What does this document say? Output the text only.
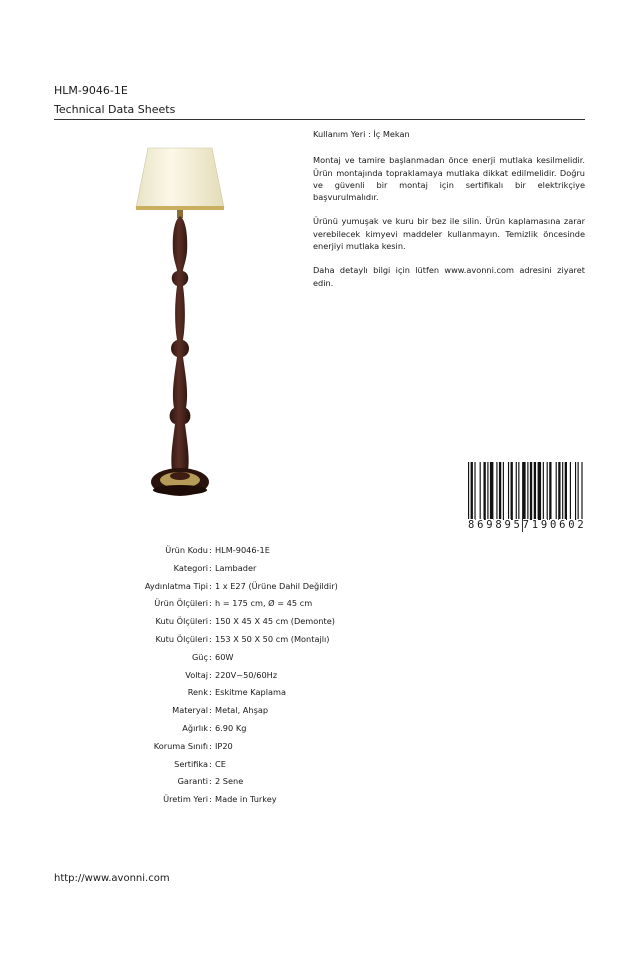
HLM-9046-1E
Technical Data Sheets

Kullanım Yeri : İç Mekan

Montaj ve tamire başlanmadan önce enerji mutlaka kesilmelidir. Ürün montajında topraklamaya mutlaka dikkat edilmelidir. Doğru ve güvenli bir montaj için sertifikalı bir elektrikçiye başvurulmalıdır.

Ürünü yumuşak ve kuru bir bez ile silin. Ürün kaplamasına zarar verebilecek kimyevi maddeler kullanmayın. Temizlik öncesinde enerjiyi mutlaka kesin.

Daha detaylı bilgi için lütfen www.avonni.com adresini ziyaret edin.

8 6 9 8 9 5 7 1 9 0 6 0 2
Ürün Kodu : HLM-9046-1E
Kategori : Lambader
Aydınlatma Tipi : 1 x E27 (Ürüne Dahil Değildir)
Ürün Ölçüleri : h = 175 cm, Ø = 45 cm
Kutu Ölçüleri : 150 X 45 X 45 cm (Demonte)
Kutu Ölçüleri : 153 X 50 X 50 cm (Montajlı)
Güç : 60W
Voltaj : 220V~50/60Hz
Renk : Eskitme Kaplama
Materyal : Metal, Ahşap
Ağırlık : 6.90 Kg
Koruma Sınıfı : IP20
Sertifika : CE
Garanti : 2 Sene
Üretim Yeri : Made in Turkey
http://www.avonni.com
